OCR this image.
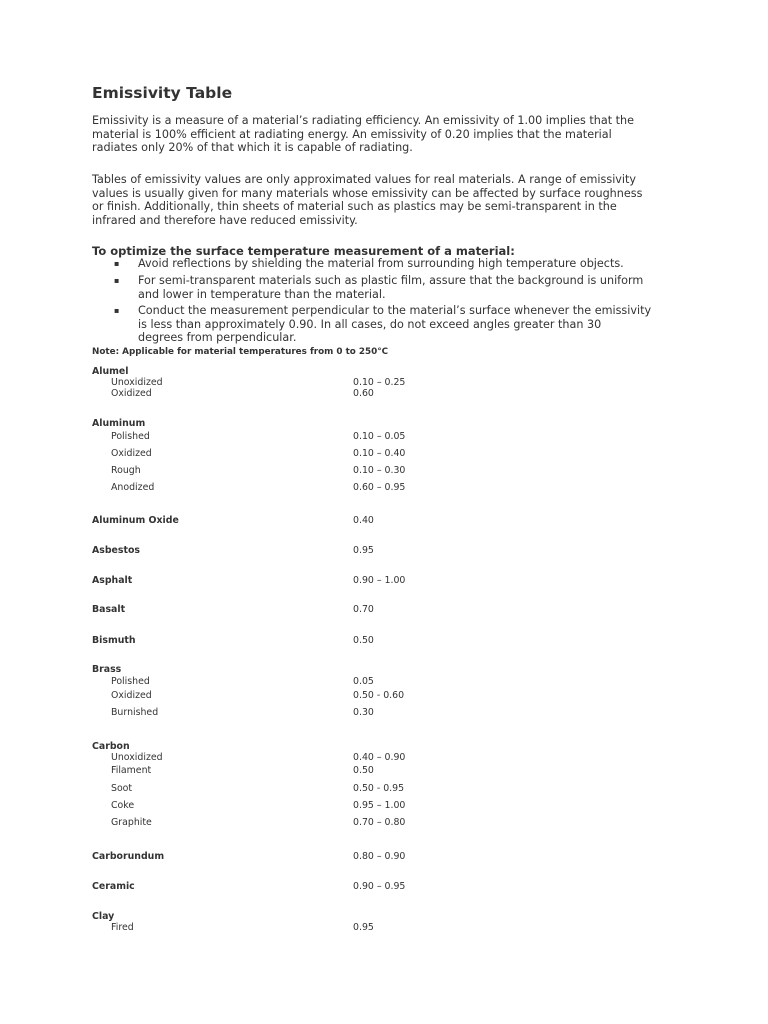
Emissivity Table

Emissivity is a measure of a material’s radiating efficiency. An emissivity of 1.00 implies that the
material is 100% efficient at radiating energy. An emissivity of 0.20 implies that the material
radiates only 20% of that which it is capable of radiating.

Tables of emissivity values are only approximated values for real materials. A range of emissivity
values is usually given for many materials whose emissivity can be affected by surface roughness
or finish. Additionally, thin sheets of material such as plastics may be semi-transparent in the
infrared and therefore have reduced emissivity.

To optimize the surface temperature measurement of a material:

▪ Avoid reflections by shielding the material from surrounding high temperature objects.
▪ For semi-transparent materials such as plastic film, assure that the background is uniform
and lower in temperature than the material.
▪ Conduct the measurement perpendicular to the material’s surface whenever the emissivity
is less than approximately 0.90. In all cases, do not exceed angles greater than 30
degrees from perpendicular.

Note: Applicable for material temperatures from 0 to 250°C

Alumel
Unoxidized	0.10 – 0.25
Oxidized	0.60
Aluminum
Polished	0.10 – 0.05
Oxidized	0.10 – 0.40
Rough	0.10 – 0.30
Anodized	0.60 – 0.95
Aluminum Oxide	0.40
Asbestos	0.95
Asphalt	0.90 – 1.00
Basalt	0.70
Bismuth	0.50
Brass
Polished	0.05
Oxidized	0.50 - 0.60
Burnished	0.30
Carbon
Unoxidized	0.40 – 0.90
Filament	0.50
Soot	0.50 - 0.95
Coke	0.95 – 1.00
Graphite	0.70 – 0.80
Carborundum	0.80 – 0.90
Ceramic	0.90 – 0.95
Clay
Fired	0.95
